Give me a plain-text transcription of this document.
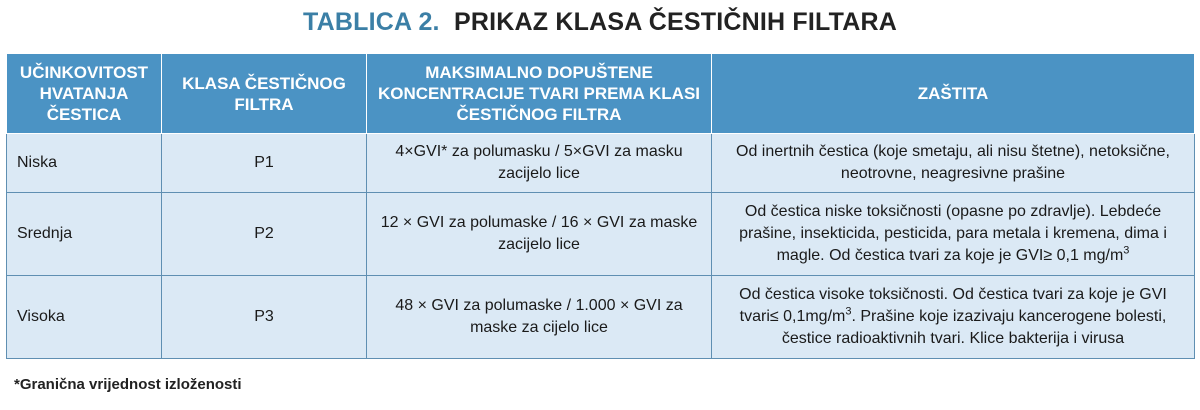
TABLICA 2. PRIKAZ KLASA ČESTIČNIH FILTARA
UČINKOVITOST HVATANJA ČESTICA	KLASA ČESTIČNOG FILTRA	MAKSIMALNO DOPUŠTENE KONCENTRACIJE TVARI PREMA KLASI ČESTIČNOG FILTRA	ZAŠTITA
Niska	P1	4×GVI* za polumasku / 5×GVI za masku zacijelo lice	Od inertnih čestica (koje smetaju, ali nisu štetne), netoksične, neotrovne, neagresivne prašine
Srednja	P2	12 × GVI za polumaske / 16 × GVI za maske zacijelo lice	Od čestica niske toksičnosti (opasne po zdravlje). Lebdeće prašine, insekticida, pesticida, para metala i kremena, dima i magle. Od čestica tvari za koje je GVI≥ 0,1 $mg/m^3$
Visoka	P3	48 × GVI za polumaske / 1.000 × GVI za maske za cijelo lice	Od čestica visoke toksičnosti. Od čestica tvari za koje je GVI tvari≤ $0,1mg/m^3$. Prašine koje izazivaju kancerogene bolesti, čestice radioaktivnih tvari. Klice bakterija i virusa
*Granična vrijednost izloženosti
